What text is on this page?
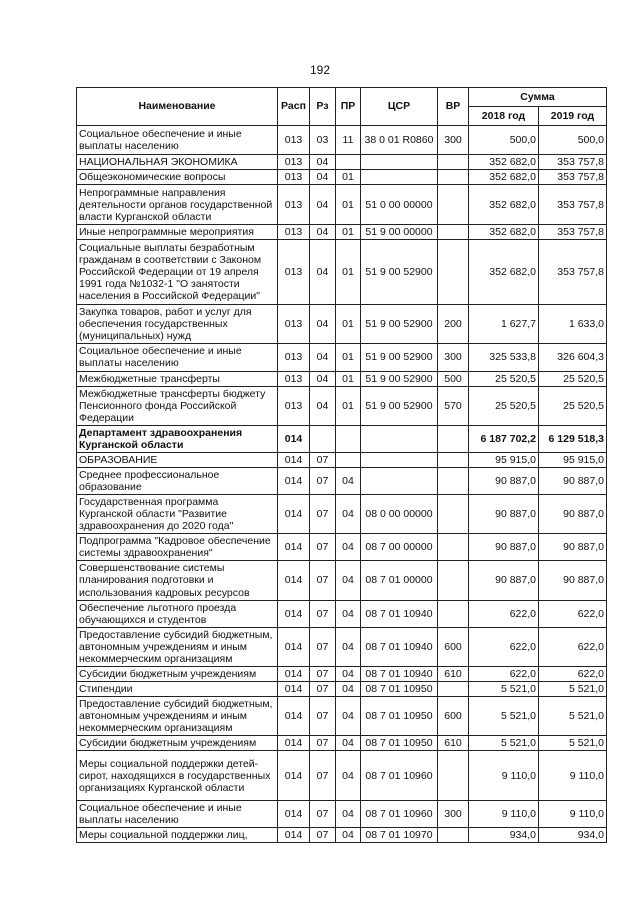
192
Наименование	Расп	Рз	ПР	ЦСР	ВР	Сумма	
						2018 год	2019 год
Социальное обеспечение и иные выплаты населению	013	03	11	38 0 01 R0860	300	500,0	500,0
НАЦИОНАЛЬНАЯ ЭКОНОМИКА	013	04				352 682,0	353 757,8
Общеэкономические вопросы	013	04	01			352 682,0	353 757,8
Непрограммные направления деятельности органов государственной власти Курганской области	013	04	01	51 0 00 00000		352 682,0	353 757,8
Иные непрограммные мероприятия	013	04	01	51 9 00 00000		352 682,0	353 757,8
Социальные выплаты безработным гражданам в соответствии с Законом Российской Федерации от 19 апреля 1991 года №1032-1 "О занятости населения в Российской Федерации"	013	04	01	51 9 00 52900		352 682,0	353 757,8
Закупка товаров, работ и услуг для обеспечения государственных (муниципальных) нужд	013	04	01	51 9 00 52900	200	1 627,7	1 633,0
Социальное обеспечение и иные выплаты населению	013	04	01	51 9 00 52900	300	325 533,8	326 604,3
Межбюджетные трансферты	013	04	01	51 9 00 52900	500	25 520,5	25 520,5
Межбюджетные трансферты бюджету Пенсионного фонда Российской Федерации	013	04	01	51 9 00 52900	570	25 520,5	25 520,5
Департамент здравоохранения Курганской области	014					6 187 702,2	6 129 518,3
ОБРАЗОВАНИЕ	014	07				95 915,0	95 915,0
Среднее профессиональное образование	014	07	04			90 887,0	90 887,0
Государственная программа Курганской области "Развитие здравоохранения до 2020 года"	014	07	04	08 0 00 00000		90 887,0	90 887,0
Подпрограмма "Кадровое обеспечение системы здравоохранения"	014	07	04	08 7 00 00000		90 887,0	90 887,0
Совершенствование системы планирования подготовки и использования кадровых ресурсов	014	07	04	08 7 01 00000		90 887,0	90 887,0
Обеспечение льготного проезда обучающихся и студентов	014	07	04	08 7 01 10940		622,0	622,0
Предоставление субсидий бюджетным, автономным учреждениям и иным некоммерческим организациям	014	07	04	08 7 01 10940	600	622,0	622,0
Субсидии бюджетным учреждениям	014	07	04	08 7 01 10940	610	622,0	622,0
Стипендии	014	07	04	08 7 01 10950		5 521,0	5 521,0
Предоставление субсидий бюджетным, автономным учреждениям и иным некоммерческим организациям	014	07	04	08 7 01 10950	600	5 521,0	5 521,0
Субсидии бюджетным учреждениям	014	07	04	08 7 01 10950	610	5 521,0	5 521,0
Меры социальной поддержки детей-сирот, находящихся в государственных организациях Курганской области	014	07	04	08 7 01 10960		9 110,0	9 110,0
Социальное обеспечение и иные выплаты населению	014	07	04	08 7 01 10960	300	9 110,0	9 110,0
Меры социальной поддержки лиц,	014	07	04	08 7 01 10970		934,0	934,0
